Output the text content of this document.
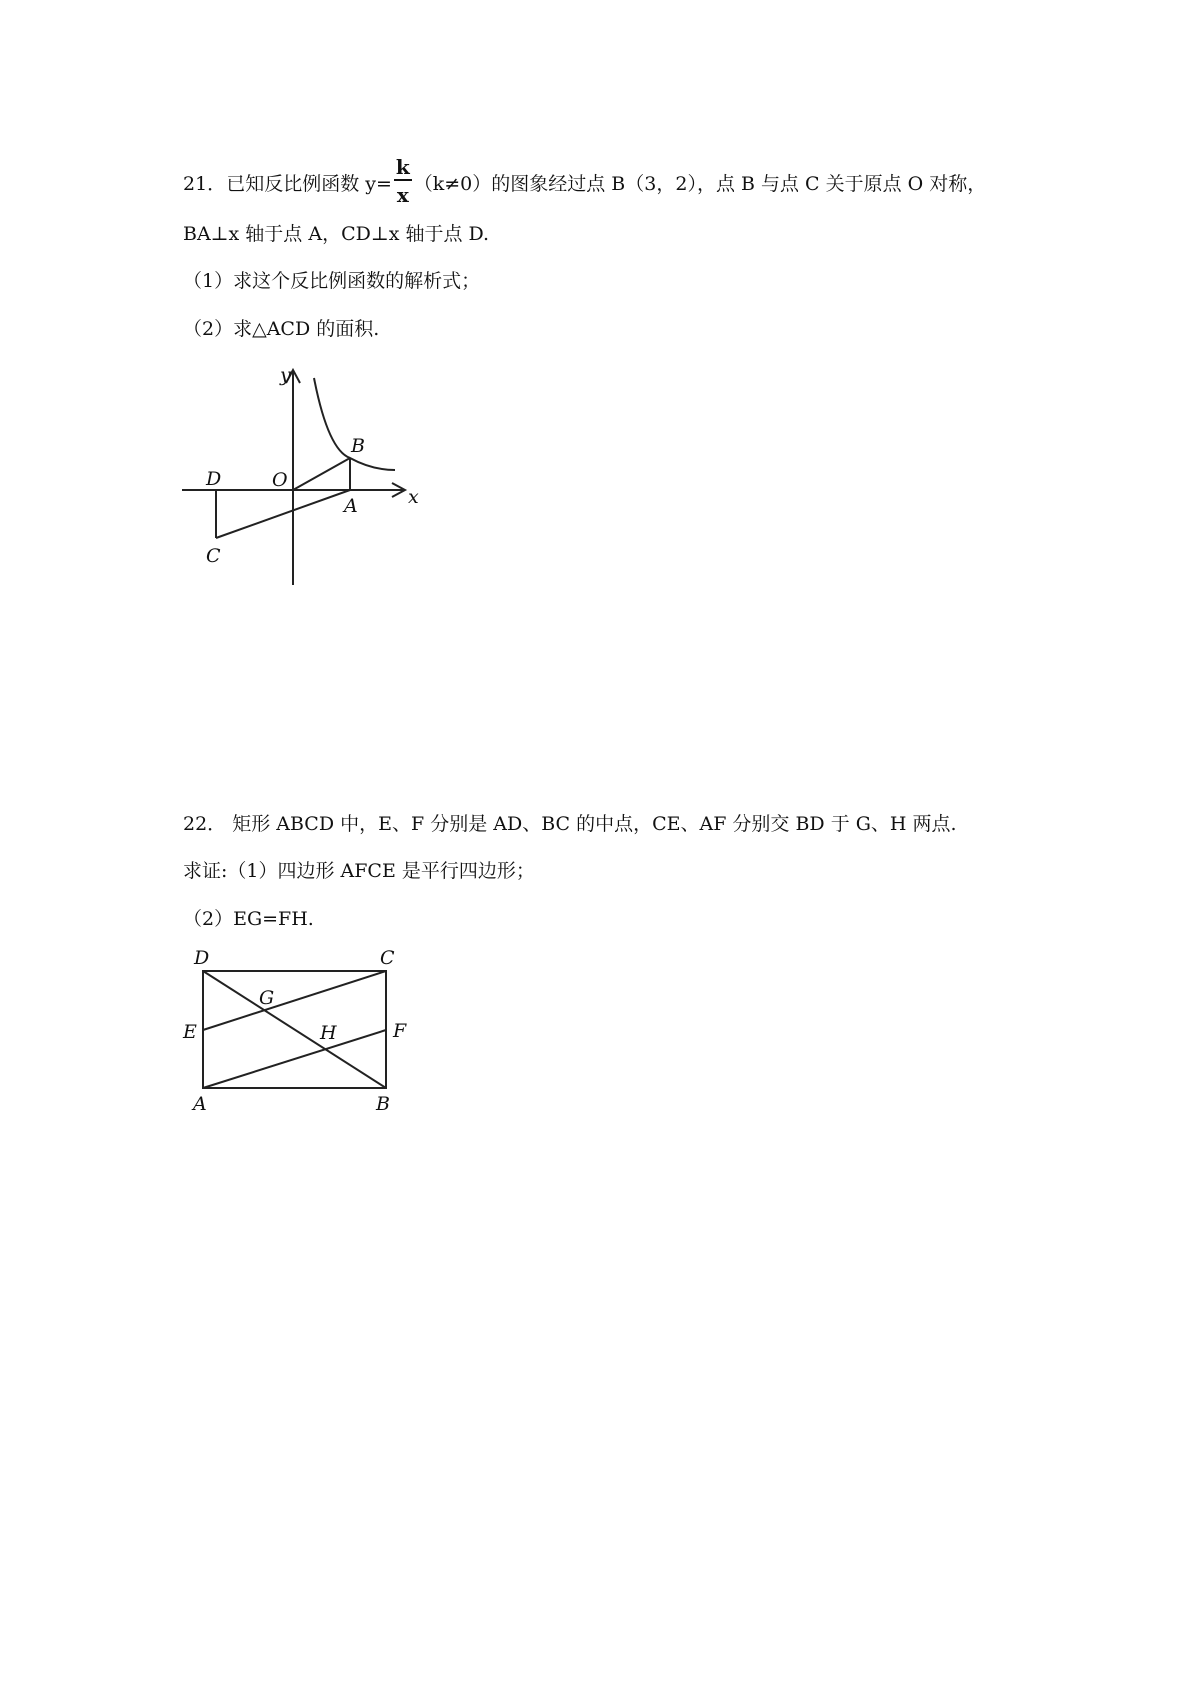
21．已知反比例函数 $y= \frac{k}{x} (k\ne 0)$的图象经过点 B（3，2），点 B 与点 C 关于原点 O 对称，
BA⊥x 轴于点 A，CD⊥x 轴于点 D.
（1）求这个反比例函数的解析式；
（2）求△ACD 的面积.
y
x
O
B
A
D
C
22． 矩形 ABCD 中，E、F 分别是 AD、BC 的中点，CE、AF 分别交 BD 于 G、H 两点.
求证:（1）四边形 AFCE 是平行四边形；
（2）EG=FH.
D	C
G
E	H	F
A	B
